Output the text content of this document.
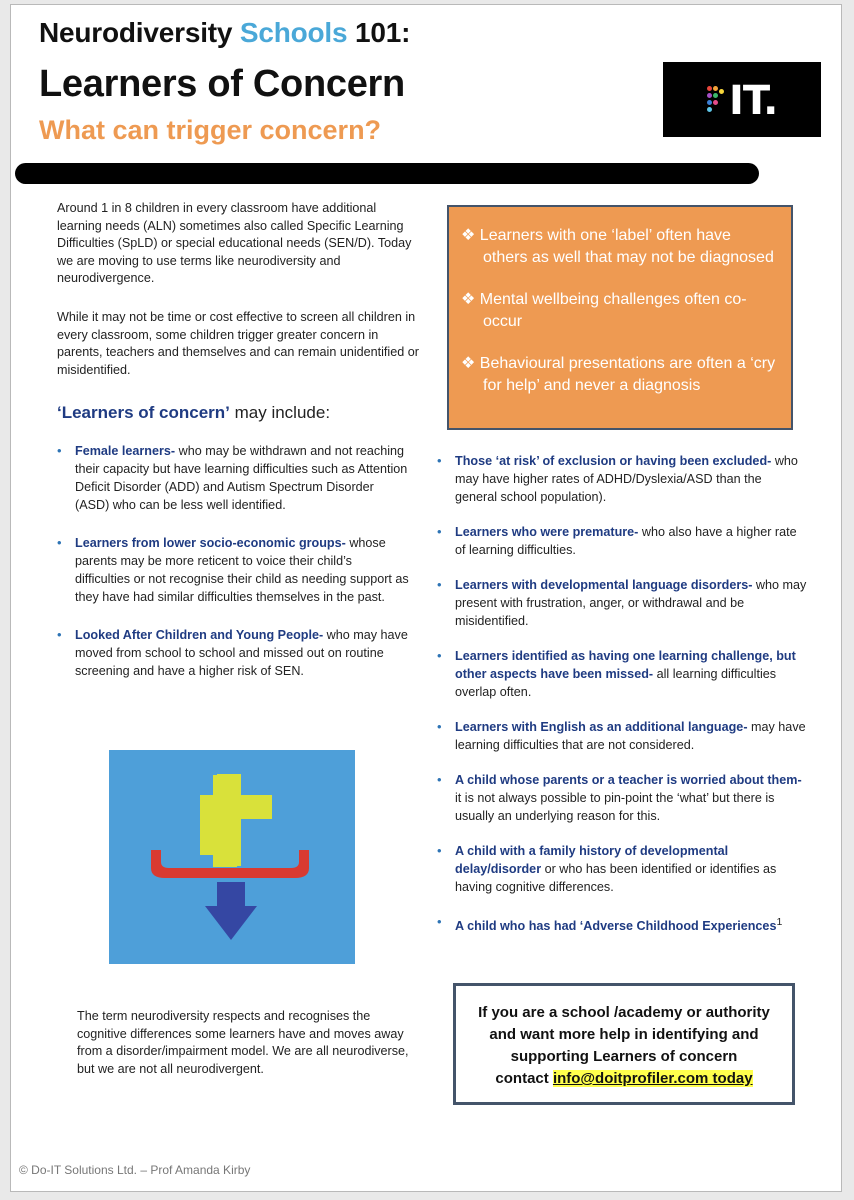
Neurodiversity Schools 101:
Learners of Concern
What can trigger concern?
IT.

Around 1 in 8 children in every classroom have additional learning needs (ALN) sometimes also called Specific Learning Difficulties (SpLD) or special educational needs (SEN/D). Today we are moving to use terms like neurodiversity and neurodivergence.

While it may not be time or cost effective to screen all children in every classroom, some children trigger greater concern in parents, teachers and themselves and can remain unidentified or misidentified.

‘Learners of concern’ may include:
❖ Learners with one ‘label’ often have others as well that may not be diagnosed
❖ Mental wellbeing challenges often co-occur
❖ Behavioural presentations are often a ‘cry for help’ and never a diagnosis
• Female learners- who may be withdrawn and not reaching their capacity but have learning difficulties such as Attention Deficit Disorder (ADD) and Autism Spectrum Disorder (ASD) who can be less well identified.
• Learners from lower socio-economic groups- whose parents may be more reticent to voice their child’s difficulties or not recognise their child as needing support as they have had similar difficulties themselves in the past.
• Looked After Children and Young People- who may have moved from school to school and missed out on routine screening and have a higher risk of SEN.
• Those ‘at risk’ of exclusion or having been excluded- who may have higher rates of ADHD/Dyslexia/ASD than the general school population).
• Learners who were premature- who also have a higher rate of learning difficulties.
• Learners with developmental language disorders- who may present with frustration, anger, or withdrawal and be misidentified.
• Learners identified as having one learning challenge, but other aspects have been missed- all learning difficulties overlap often.
• Learners with English as an additional language- may have learning difficulties that are not considered.
• A child whose parents or a teacher is worried about them- it is not always possible to pin-point the ‘what’ but there is usually an underlying reason for this.
• A child with a family history of developmental delay/disorder or who has been identified or identifies as having cognitive differences.
• A child who has had ‘Adverse Childhood Experiences$^1$

The term neurodiversity respects and recognises the cognitive differences some learners have and moves away from a disorder/impairment model. We are all neurodiverse, but we are not all neurodivergent.

If you are a school /academy or authority and want more help in identifying and supporting Learners of concern
contact info@doitprofiler.com today
© Do-IT Solutions Ltd. – Prof Amanda Kirby
